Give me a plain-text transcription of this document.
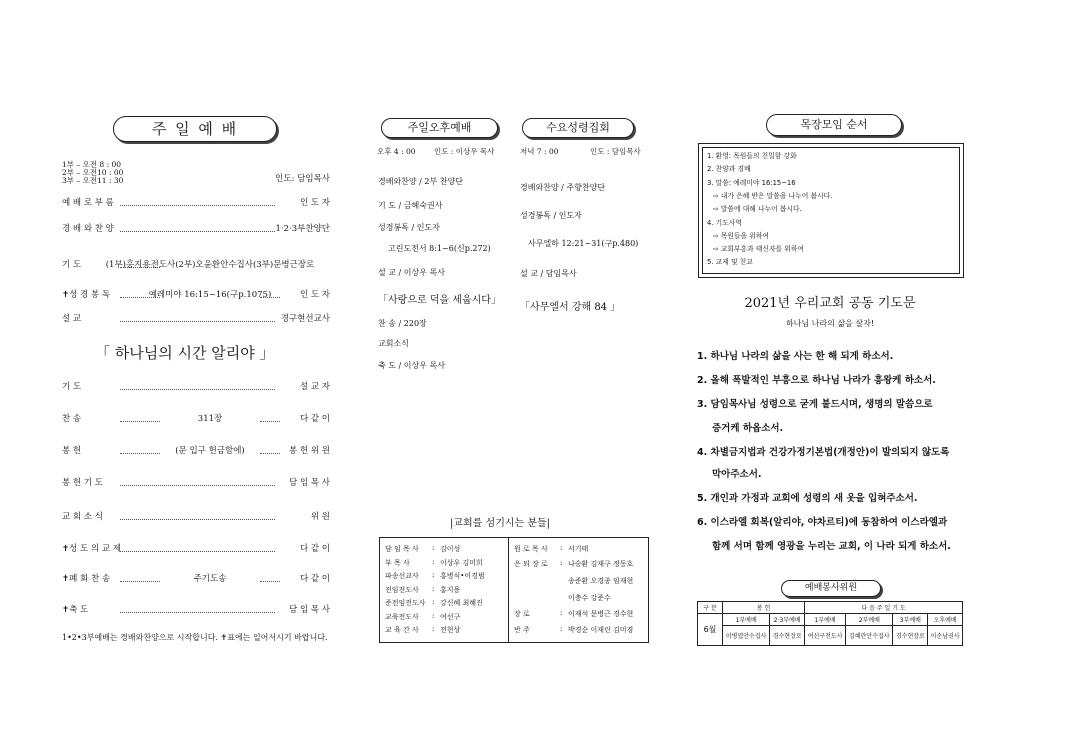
주 일 예 배
1부 – 오전 8 : 00
2부 – 오전10 : 00
3부 – 오전11 : 30	인도: 담임목사
예 배 로 부 름	인 도 자
경 배 와 찬 양	1·2·3부찬양단
기 도	(1부)홍지용전도사(2부)오윤환안수집사(3부)문병근장로
✝성 경 봉 독	예레미야 16:15~16(구p.1075)	인 도 자
설 교	경구현선교사
「 하나님의 시간 알리야 」
기 도	설 교 자
찬 송	311장	다 같 이
봉 헌	(문 입구 헌금함에)	봉 헌 위 원
봉 헌 기 도	담 임 목 사
교 회 소 식	위 원
✝성 도 의 교 제	다 같 이
✝폐 회 찬 송	주기도송	다 같 이
✝축 도	담 임 목 사
1•2•3부예배는 경배와찬양으로 시작합니다. ✝표에는 일어서시기 바랍니다.
주일오후예배	수요성령집회
오후 4 : 00 인도 : 이상우 목사	저녁 7 : 00	인도 : 담임목사
경배와찬양 / 2부 찬양단
기 도 / 금혜숙권사
성경봉독 / 인도자
고린도전서 8:1~6(신p.272)
설 교 / 이상우 목사
「사랑으로 덕을 세웁시다」
찬 송 / 220장
교회소식
축 도 / 이상우 목사
경배와찬양 / 주향찬양단
성경봉독 / 인도자
사무엘하 12:21~31(구p.480)
설 교 / 담임목사
「사무엘서 강해 84 」
|교회를 섬기시는 분들|
담 임 목 사 : 김이성
부 목 사	: 이상우 김미희
파송선교사 : 홍병식•이경범
전임전도사 : 홍지용
준전임전도사 : 강신혜 최혜진
교육전도사 : 여선구
교 육 간 사 : 전현상
원 로 목 사 : 서기태
은 퇴 장 로 : 나승환 김재구 정동호
송준환 오경종 임재현
이충수 강준수
장 로	: 이재석 문병근 경수현
반 주	: 박경순 이재린 김미경
목장모임 순서
1. 환영: 목원들의 친밀함 강화
2. 찬양과 경배
3. 말씀: 예레미야 16:15~16
⇨ 내가 은혜 받은 말씀을 나누어 봅시다.
⇨ 말씀에 대해 나누어 봅시다.
4. 기도사역
⇨ 목원들을 위하여
⇨ 교회부흥과 태신자를 위하여
5. 교제 및 친교
2021년 우리교회 공동 기도문
하나님 나라의 삶을 살자!
1. 하나님 나라의 삶을 사는 한 해 되게 하소서.
2. 올해 폭발적인 부흥으로 하나님 나라가 흥왕케 하소서.
3. 담임목사님 성령으로 굳게 붙드시며, 생명의 말씀으로
증거케 하옵소서.
4. 차별금지법과 건강가정기본법(개정안)이 발의되지 않도록
막아주소서.
5. 개인과 가정과 교회에 성령의 새 옷을 입혀주소서.
6. 이스라엘 회복(알리야, 야차르티)에 동참하여 이스라엘과
함께 서며 함께 영광을 누리는 교회, 이 나라 되게 하소서.
예배봉사위원
구 분	봉 헌		다 음 주 일 기 도			
6월	1부예배	2·3부예배	1부예배	2부예배	3부예배	오후예배
	이병엽안수집사	경수현장로	여선구전도사	김혜란안수집사	경수현장로	이순남권사
